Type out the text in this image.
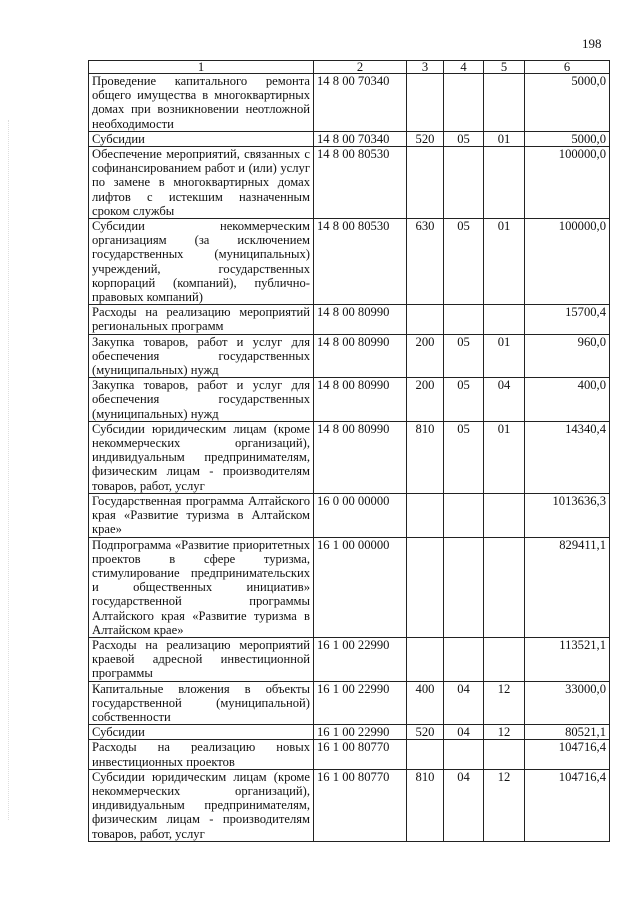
198
1	2	3	4	5	6
Проведение капитального ремонта общего имущества в многоквартирных домах при возникновении неотложной необходимости	14 8 00 70340				5000,0
Субсидии	14 8 00 70340	520	05	01	5000,0
Обеспечение мероприятий, связанных с софинансированием работ и (или) услуг по замене в многоквартирных домах лифтов с истекшим назначенным сроком службы	14 8 00 80530				100000,0
Субсидии некоммерческим организациям (за исключением государственных (муниципальных) учреждений, государственных корпораций (компаний), публично-правовых компаний)	14 8 00 80530	630	05	01	100000,0
Расходы на реализацию мероприятий региональных программ	14 8 00 80990				15700,4
Закупка товаров, работ и услуг для обеспечения государственных (муниципальных) нужд	14 8 00 80990	200	05	01	960,0
Закупка товаров, работ и услуг для обеспечения государственных (муниципальных) нужд	14 8 00 80990	200	05	04	400,0
Субсидии юридическим лицам (кроме некоммерческих организаций), индивидуальным предпринимателям, физическим лицам - производителям товаров, работ, услуг	14 8 00 80990	810	05	01	14340,4
Государственная программа Алтайского края «Развитие туризма в Алтайском крае»	16 0 00 00000				1013636,3
Подпрограмма «Развитие приоритетных проектов в сфере туризма, стимулирование предпринимательских и общественных инициатив» государственной программы Алтайского края «Развитие туризма в Алтайском крае»	16 1 00 00000				829411,1
Расходы на реализацию мероприятий краевой адресной инвестиционной программы	16 1 00 22990				113521,1
Капитальные вложения в объекты государственной (муниципальной) собственности	16 1 00 22990	400	04	12	33000,0
Субсидии	16 1 00 22990	520	04	12	80521,1
Расходы на реализацию новых инвестиционных проектов	16 1 00 80770				104716,4
Субсидии юридическим лицам (кроме некоммерческих организаций), индивидуальным предпринимателям, физическим лицам - производителям товаров, работ, услуг	16 1 00 80770	810	04	12	104716,4
